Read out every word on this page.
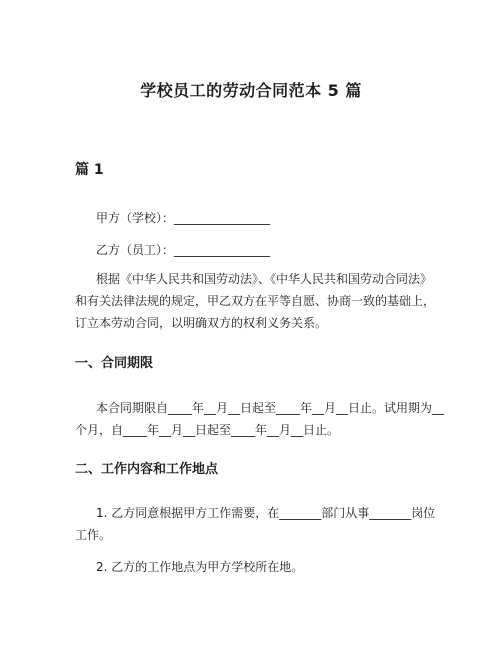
学校员工的劳动合同范本 5 篇
篇 1
甲方（学校）：________________
乙方（员工）：________________
根据《中华人民共和国劳动法》、《中华人民共和国劳动合同法》
和有关法律法规的规定，甲乙双方在平等自愿、协商一致的基础上，
订立本劳动合同，以明确双方的权利义务关系。
一、合同期限
本合同期限自____年__月__日起至____年__月__日止。试用期为__
个月，自____年__月__日起至____年__月__日止。
二、工作内容和工作地点
1. 乙方同意根据甲方工作需要，在_______部门从事_______岗位
工作。
2. 乙方的工作地点为甲方学校所在地。
